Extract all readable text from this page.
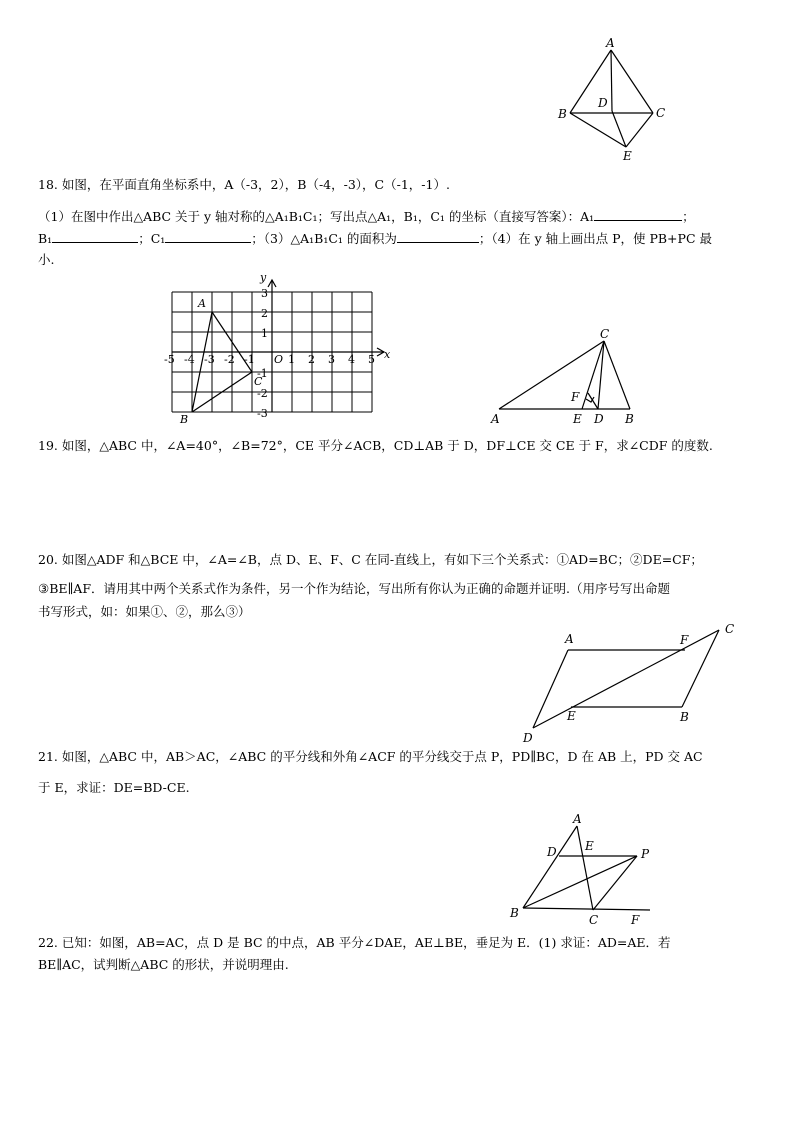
A
B
D
C
E
18. 如图，在平面直角坐标系中，A（-3，2），B（-4，-3），C（-1，-1）.
（1）在图中作出△ABC 关于 y 轴对称的△A₁B₁C₁；写出点△A₁，B₁，C₁ 的坐标（直接写答案）：A₁	；
B₁	；C₁	；（3）△A₁B₁C₁ 的面积为	；（4）在 y 轴上画出点 P，使 PB+PC 最
小.
x
y
-5 -4 -3 -2 -1 O 1 2 3 4 5
3
2
1
-1
-2
-3
A
B
C
C
F
A	E D B
19. 如图，△ABC 中，∠A=40°，∠B=72°，CE 平分∠ACB，CD⊥AB 于 D，DF⊥CE 交 CE 于 F，求∠CDF 的度数.
20. 如图△ADF 和△BCE 中，∠A=∠B，点 D、E、F、C 在同-直线上，有如下三个关系式：①AD=BC；②DE=CF；
③BE∥AF．请用其中两个关系式作为条件，另一个作为结论，写出所有你认为正确的命题并证明.（用序号写出命题
书写形式，如：如果①、②，那么③）
A	F
C
E	B
D
21. 如图，△ABC 中，AB＞AC，∠ABC 的平分线和外角∠ACF 的平分线交于点 P，PD∥BC，D 在 AB 上，PD 交 AC
于 E，求证：DE=BD-CE.
A
D E
P
B	C	F
22. 已知：如图，AB=AC，点 D 是 BC 的中点，AB 平分∠DAE，AE⊥BE，垂足为 E．(1) 求证：AD=AE．若
BE∥AC，试判断△ABC 的形状，并说明理由.
